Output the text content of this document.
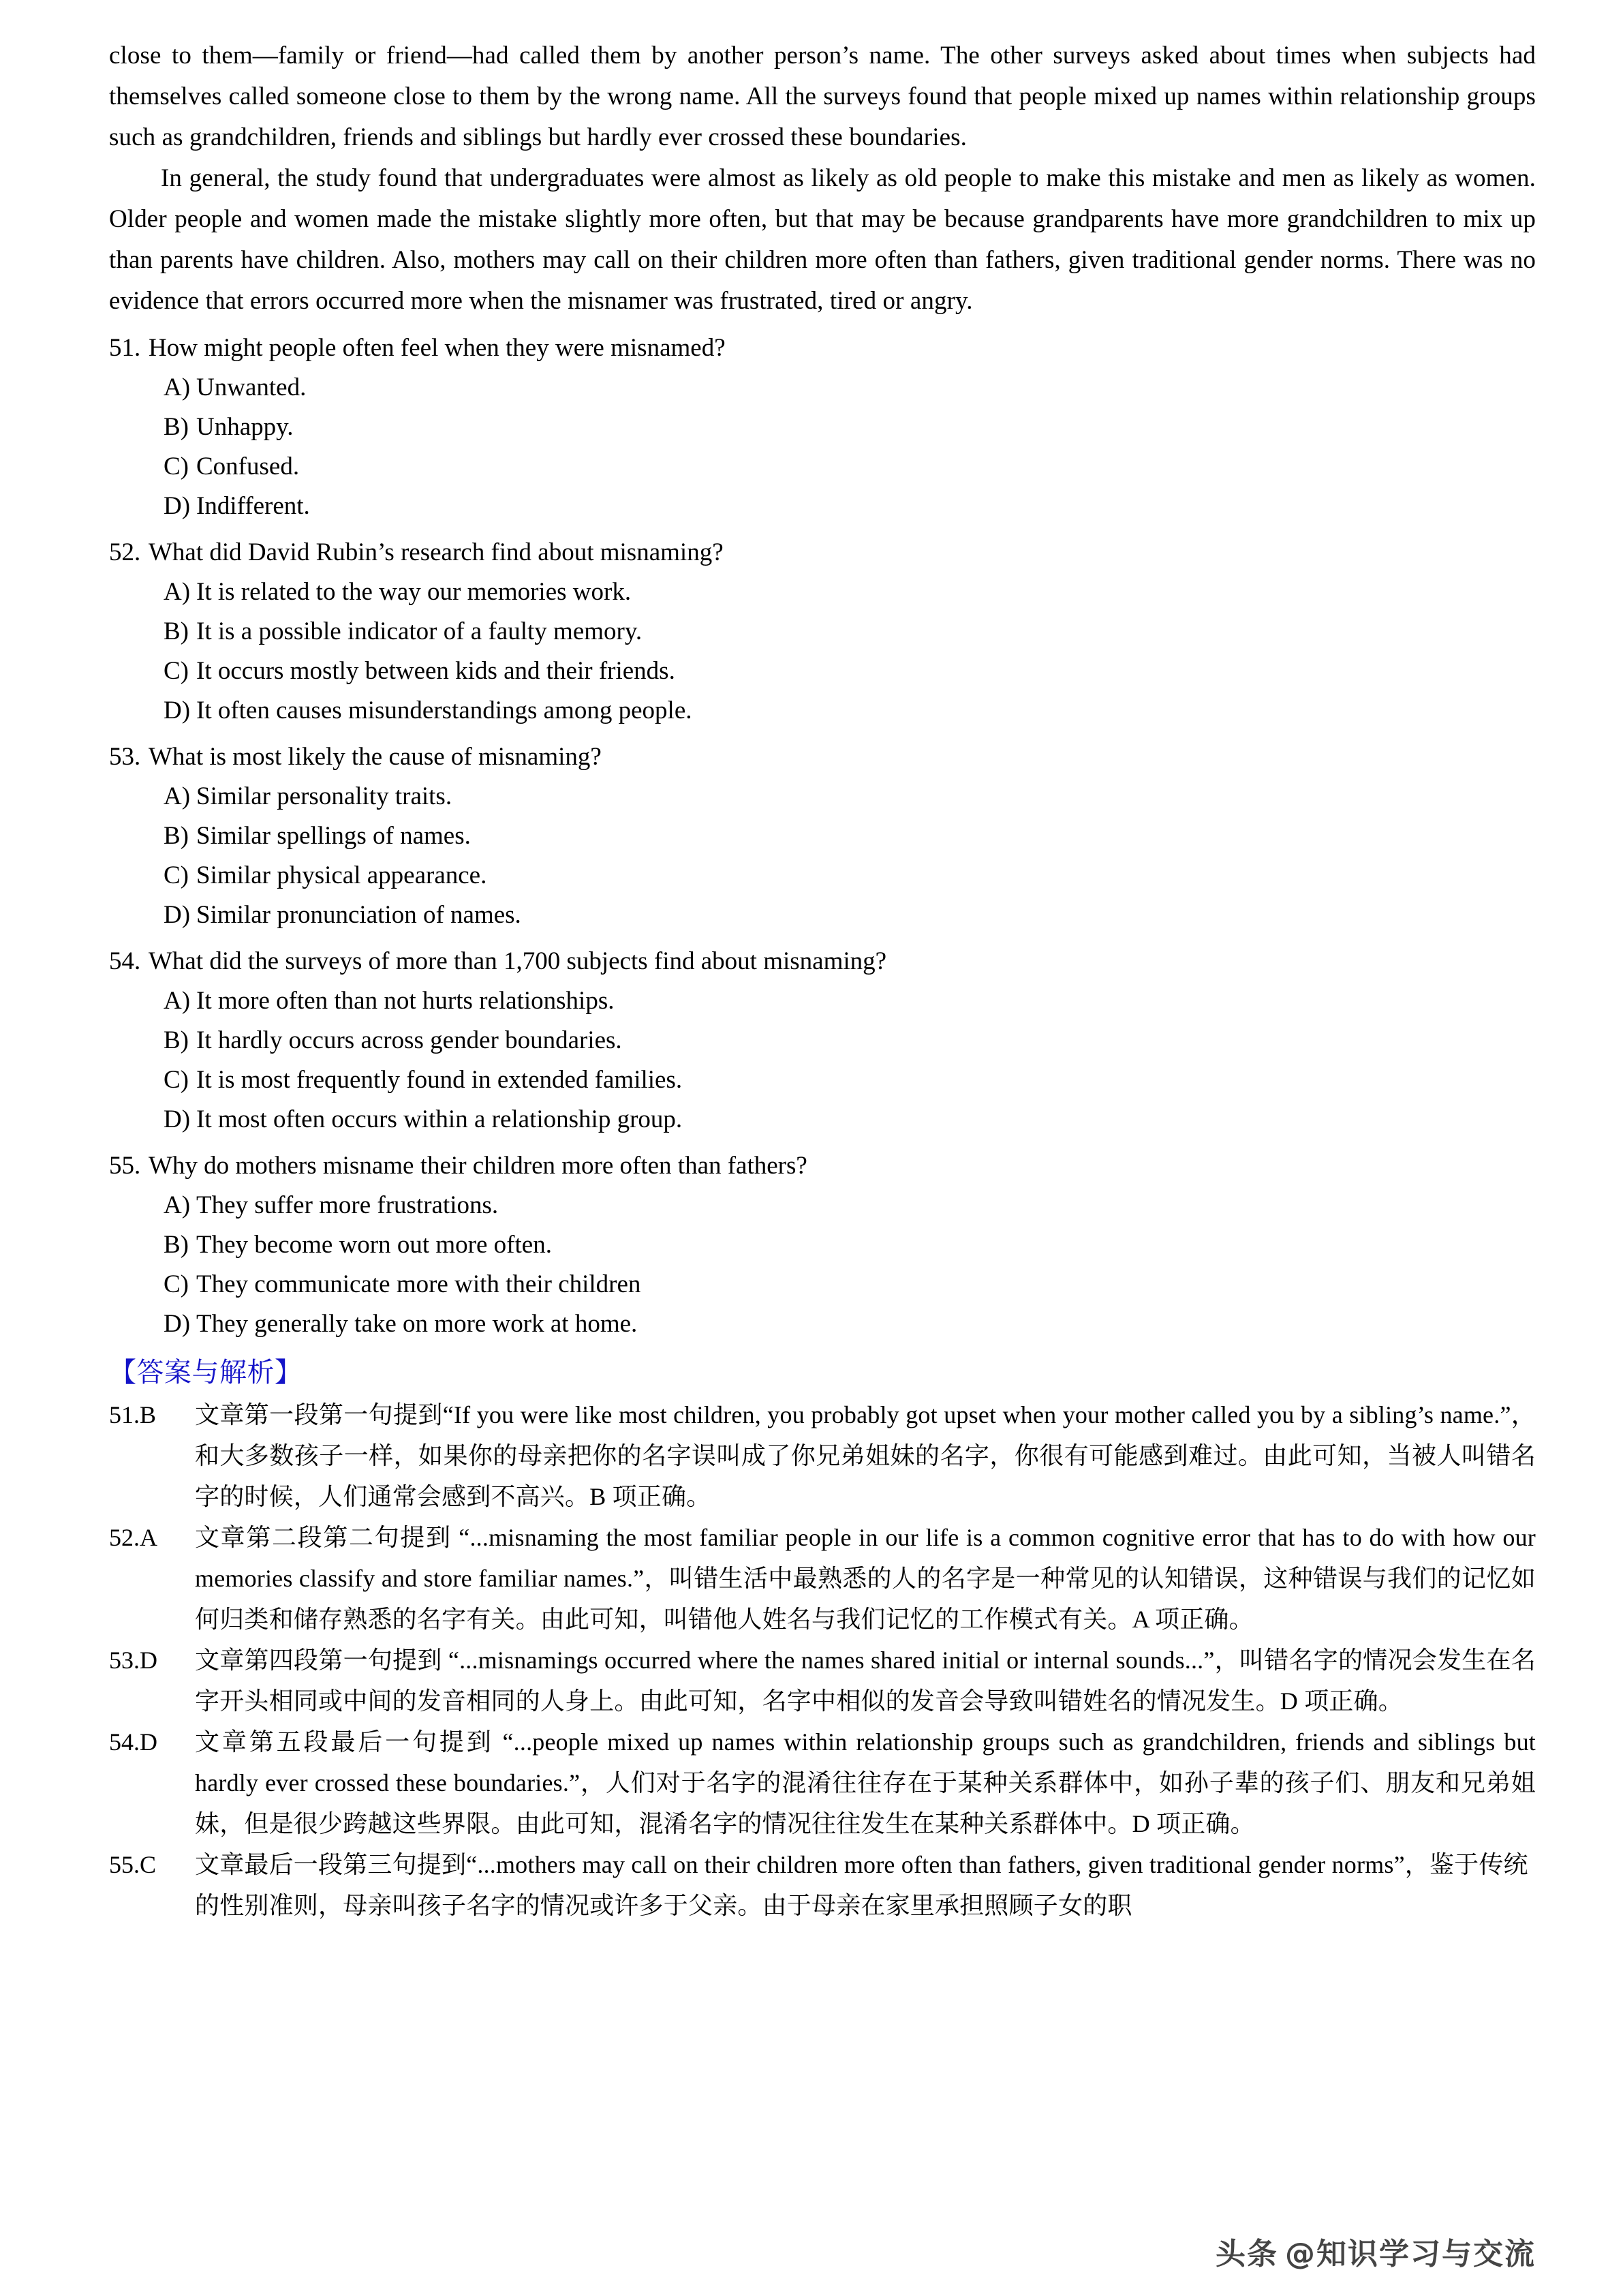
close to them—family or friend—had called them by another person’s name. The other surveys asked about times when subjects had themselves called someone close to them by the wrong name. All the surveys found that people mixed up names within relationship groups such as grandchildren, friends and siblings but hardly ever crossed these boundaries.

In general, the study found that undergraduates were almost as likely as old people to make this mistake and men as likely as women. Older people and women made the mistake slightly more often, but that may be because grandparents have more grandchildren to mix up than parents have children. Also, mothers may call on their children more often than fathers, given traditional gender norms. There was no evidence that errors occurred more when the misnamer was frustrated, tired or angry.

51. How might people often feel when they were misnamed?
A) Unwanted.
B) Unhappy.
C) Confused.
D) Indifferent.
52. What did David Rubin’s research find about misnaming?
A) It is related to the way our memories work.
B) It is a possible indicator of a faulty memory.
C) It occurs mostly between kids and their friends.
D) It often causes misunderstandings among people.
53. What is most likely the cause of misnaming?
A) Similar personality traits.
B) Similar spellings of names.
C) Similar physical appearance.
D) Similar pronunciation of names.
54. What did the surveys of more than 1,700 subjects find about misnaming?
A) It more often than not hurts relationships.
B) It hardly occurs across gender boundaries.
C) It is most frequently found in extended families.
D) It most often occurs within a relationship group.
55. Why do mothers misname their children more often than fathers?
A) They suffer more frustrations.
B) They become worn out more often.
C) They communicate more with their children
D) They generally take on more work at home.
【答案与解析】
51.B	文章第一段第一句提到“If you were like most children, you probably got upset when your mother called you by a sibling’s name.”，和大多数孩子一样，如果你的母亲把你的名字误叫成了你兄弟姐妹的名字，你很有可能感到难过。由此可知，当被人叫错名字的时候，人们通常会感到不高兴。B 项正确。
52.A	文章第二段第二句提到 “...misnaming the most familiar people in our life is a common cognitive error that has to do with how our memories classify and store familiar names.”，叫错生活中最熟悉的人的名字是一种常见的认知错误，这种错误与我们的记忆如何归类和储存熟悉的名字有关。由此可知，叫错他人姓名与我们记忆的工作模式有关。A 项正确。
53.D	文章第四段第一句提到 “...misnamings occurred where the names shared initial or internal sounds...”，叫错名字的情况会发生在名字开头相同或中间的发音相同的人身上。由此可知，名字中相似的发音会导致叫错姓名的情况发生。D 项正确。
54.D	文章第五段最后一句提到 “...people mixed up names within relationship groups such as grandchildren, friends and siblings but hardly ever crossed these boundaries.”，人们对于名字的混淆往往存在于某种关系群体中，如孙子辈的孩子们、朋友和兄弟姐妹，但是很少跨越这些界限。由此可知，混淆名字的情况往往发生在某种关系群体中。D 项正确。
55.C	文章最后一段第三句提到“...mothers may call on their children more often than fathers, given traditional gender norms”，鉴于传统的性别准则，母亲叫孩子名字的情况或许多于父亲。由于母亲在家里承担照顾子女的职
头条 @知识学习与交流
